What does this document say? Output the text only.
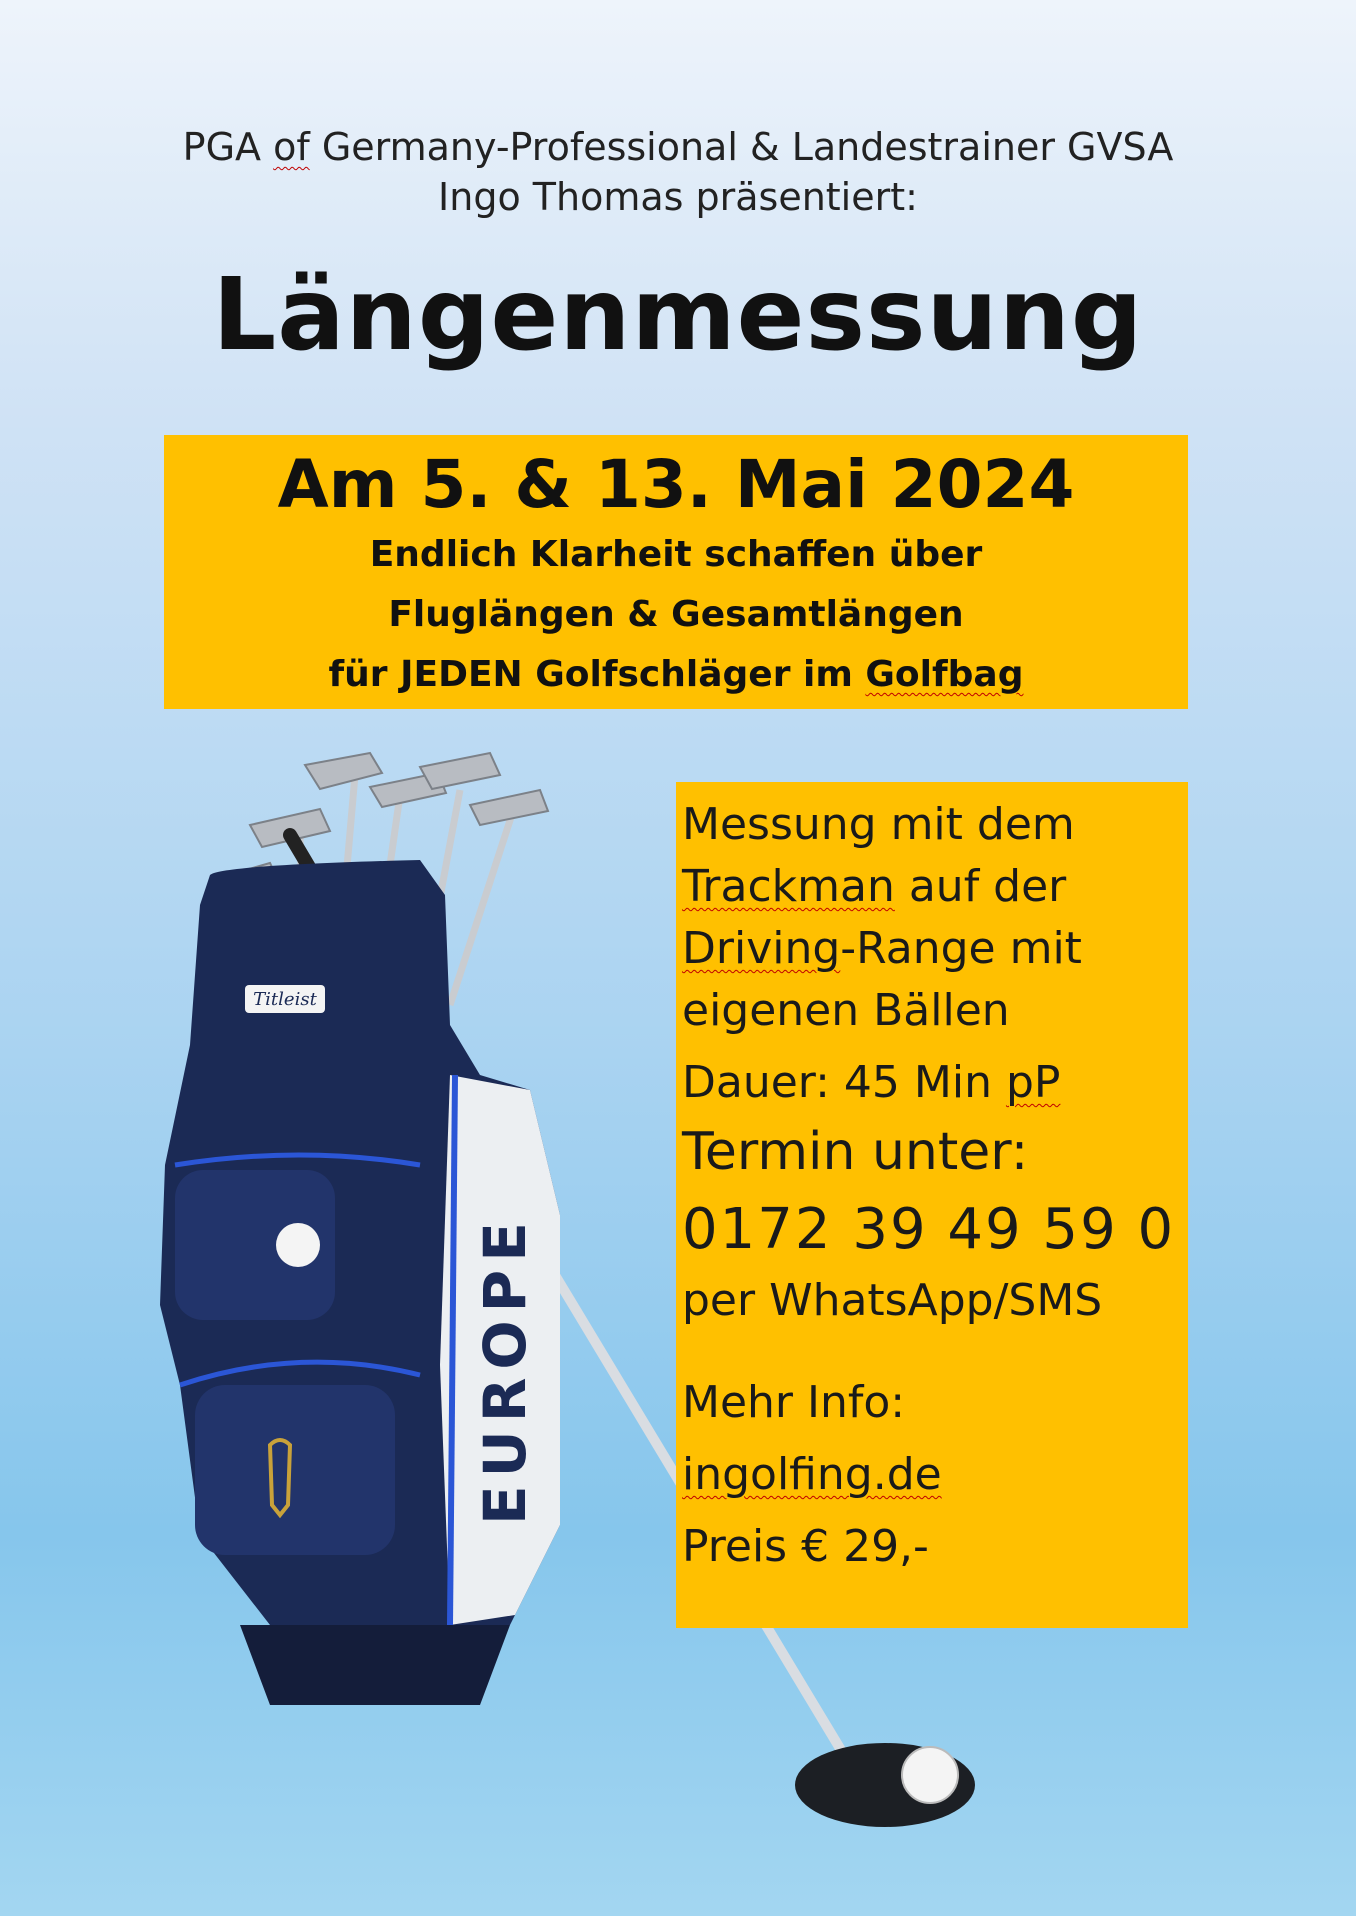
PGA of Germany-Professional & Landestrainer GVSA
Ingo Thomas präsentiert:
Längenmessung
Am 5. & 13. Mai 2024
Endlich Klarheit schaffen über
Fluglängen & Gesamtlängen
für JEDEN Golfschläger im Golfbag
Titleist
EUROPE
Messung mit dem
Trackman auf der
Driving-Range mit
eigenen Bällen
Dauer: 45 Min pP
Termin unter:
0172 39 49 59 0
per WhatsApp/SMS
Mehr Info:
ingolfing.de
Preis € 29,-
